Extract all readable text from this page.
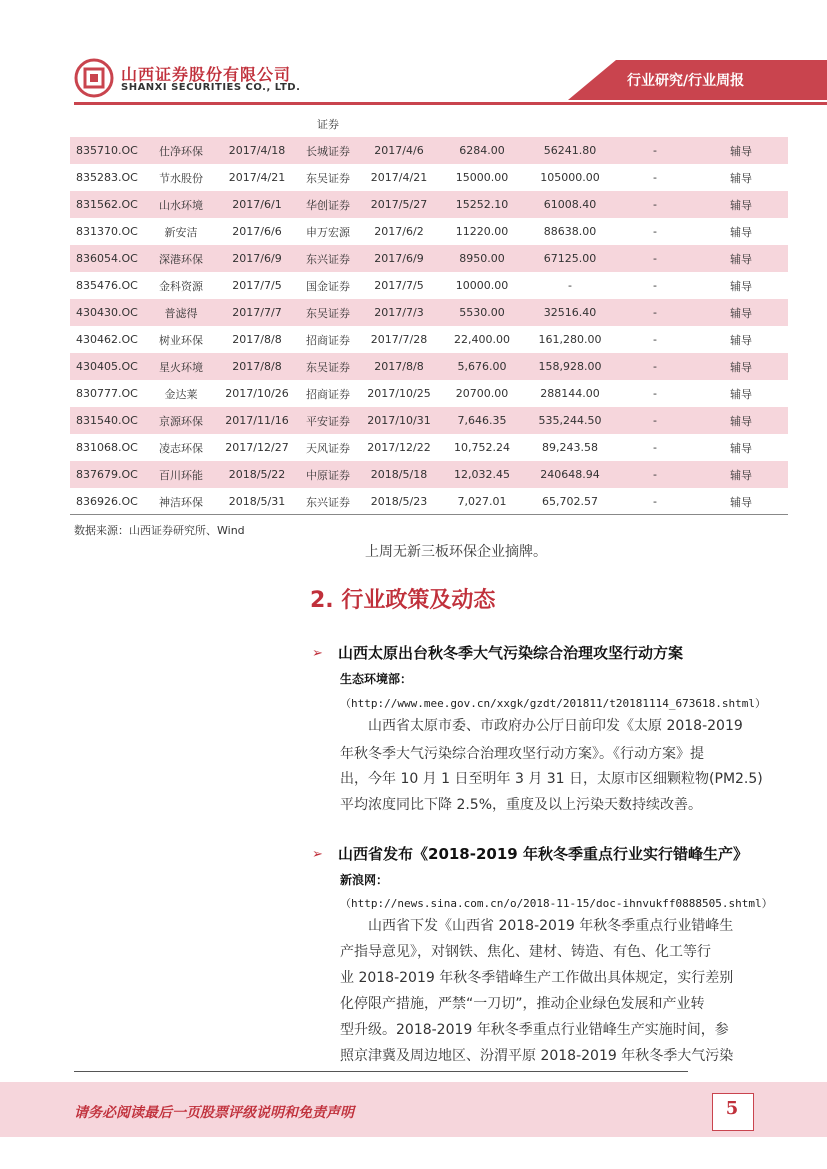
山西证券股份有限公司
SHANXI SECURITIES CO., LTD.	行业研究/行业周报
			证券					
835710.OC	仕净环保	2017/4/18	长城证券	2017/4/6	6284.00	56241.80	-	辅导
835283.OC	节水股份	2017/4/21	东吴证券	2017/4/21	15000.00	105000.00	-	辅导
831562.OC	山水环境	2017/6/1	华创证券	2017/5/27	15252.10	61008.40	-	辅导
831370.OC	新安洁	2017/6/6	申万宏源	2017/6/2	11220.00	88638.00	-	辅导
836054.OC	深港环保	2017/6/9	东兴证券	2017/6/9	8950.00	67125.00	-	辅导
835476.OC	金科资源	2017/7/5	国金证券	2017/7/5	10000.00	-	-	辅导
430430.OC	普滤得	2017/7/7	东吴证券	2017/7/3	5530.00	32516.40	-	辅导
430462.OC	树业环保	2017/8/8	招商证券	2017/7/28	22,400.00	161,280.00	-	辅导
430405.OC	星火环境	2017/8/8	东吴证券	2017/8/8	5,676.00	158,928.00	-	辅导
830777.OC	金达莱	2017/10/26	招商证券	2017/10/25	20700.00	288144.00	-	辅导
831540.OC	京源环保	2017/11/16	平安证券	2017/10/31	7,646.35	535,244.50	-	辅导
831068.OC	凌志环保	2017/12/27	天风证券	2017/12/22	10,752.24	89,243.58	-	辅导
837679.OC	百川环能	2018/5/22	中原证券	2018/5/18	12,032.45	240648.94	-	辅导
836926.OC	神洁环保	2018/5/31	东兴证券	2018/5/23	7,027.01	65,702.57	-	辅导
数据来源：山西证券研究所、Wind
上周无新三板环保企业摘牌。
2. 行业政策及动态
➢ 山西太原出台秋冬季大气污染综合治理攻坚行动方案
生态环境部：
（http://www.mee.gov.cn/xxgk/gzdt/201811/t20181114_673618.shtml）
山西省太原市委、市政府办公厅日前印发《太原 2018-2019
年秋冬季大气污染综合治理攻坚行动方案》。《行动方案》提
出，今年 10 月 1 日至明年 3 月 31 日，太原市区细颗粒物(PM2.5)
平均浓度同比下降 2.5%，重度及以上污染天数持续改善。
➢ 山西省发布《2018-2019 年秋冬季重点行业实行错峰生产》
新浪网：
（http://news.sina.com.cn/o/2018-11-15/doc-ihnvukff0888505.shtml）
山西省下发《山西省 2018-2019 年秋冬季重点行业错峰生
产指导意见》，对钢铁、焦化、建材、铸造、有色、化工等行
业 2018-2019 年秋冬季错峰生产工作做出具体规定，实行差别
化停限产措施，严禁“一刀切”，推动企业绿色发展和产业转
型升级。2018-2019 年秋冬季重点行业错峰生产实施时间，参
照京津冀及周边地区、汾渭平原 2018-2019 年秋冬季大气污染
请务必阅读最后一页股票评级说明和免责声明	5
